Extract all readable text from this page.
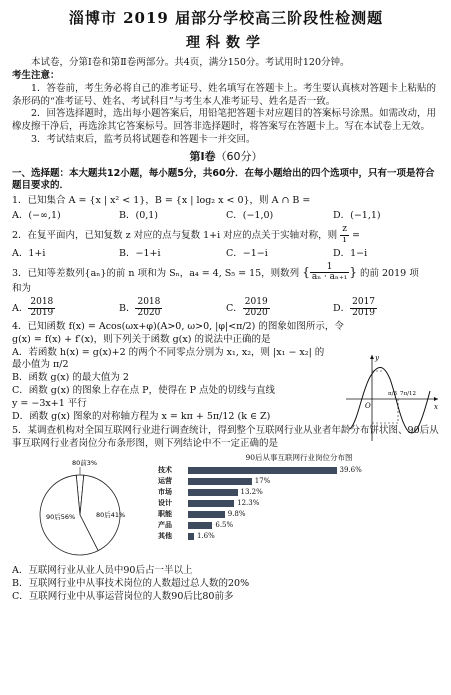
淄博市 2019 届部分学校高三阶段性检测题
理科数学

本试卷，分第Ⅰ卷和第Ⅱ卷两部分。共4页，满分150分。考试用时120分钟。

考生注意：

1．答卷前，考生务必将自己的准考证号、姓名填写在答题卡上。考生要认真核对答题卡上粘贴的条形码的“准考证号、姓名、考试科目”与考生本人准考证号、姓名是否一致。

2．回答选择题时，选出每小题答案后，用铅笔把答题卡对应题目的答案标号涂黑。如需改动，用橡皮擦干净后，再选涂其它答案标号。回答非选择题时，将答案写在答题卡上。写在本试卷上无效。

3．考试结束后，监考员将试题卷和答题卡一并交回。

第Ⅰ卷（60分）

一、选择题：本大题共12小题，每小题5分，共60分．在每小题给出的四个选项中，只有一项是符合题目要求的．

1．已知集合 A = {x | x² < 1}，B = {x | log₂ x < 0}，则 A ∩ B =
A．(−∞,1)	B．(0,1)	C．(−1,0)	D．(−1,1)
2．在复平面内，已知复数 z 对应的点与复数 1+i 对应的点关于实轴对称，则 $\frac{z}{i}$ =
A．1+i	B．−1+i	C．−1−i	D．1−i
3．已知等差数列{aₙ}的前 n 项和为 Sₙ，a₄ = 4, S₅ = 15，则数列 { $\frac{1}{\text{aₙ · aₙ₊₁}}$ } 的前 2019 项
和为
A． $\frac{2018}{2019}$	B． $\frac{2018}{2020}$	C． $\frac{2019}{2020}$	D． $\frac{2017}{2019}$
4．已知函数 f(x) = Acos(ωx+φ)(A>0, ω>0, |φ|<π/2) 的图象如图所示，令
g(x) = f(x) + f′(x)，则下列关于函数 g(x) 的说法中正确的是
A．若函数 h(x) = g(x)+2 的两个不同零点分别为 x₁, x₂，则 |x₁ − x₂| 的
最小值为 π/2
B．函数 g(x) 的最大值为 2
C．函数 g(x) 的图象上存在点 P，使得在 P 点处的切线与直线
y = −3x+1 平行
D．函数 g(x) 图象的对称轴方程为 x = kπ + 5π/12 (k ∈ Z)
x
y
O
π/3 7π/12
5．某调查机构对全国互联网行业进行调查统计，得到整个互联网行业从业者年龄分布饼状图、90后从事互联网行业者岗位分布条形图，则下列结论中不一定正确的是
90后56%	80后41%
80前3%
90后从事互联网行业岗位分布图
技术	39.6%
运营	17%
市场	13.2%
设计	12.3%
职能	9.8%
产品	6.5%
其他	1.6%
A．互联网行业从业人员中90后占一半以上
B．互联网行业中从事技术岗位的人数超过总人数的20%
C．互联网行业中从事运营岗位的人数90后比80前多
